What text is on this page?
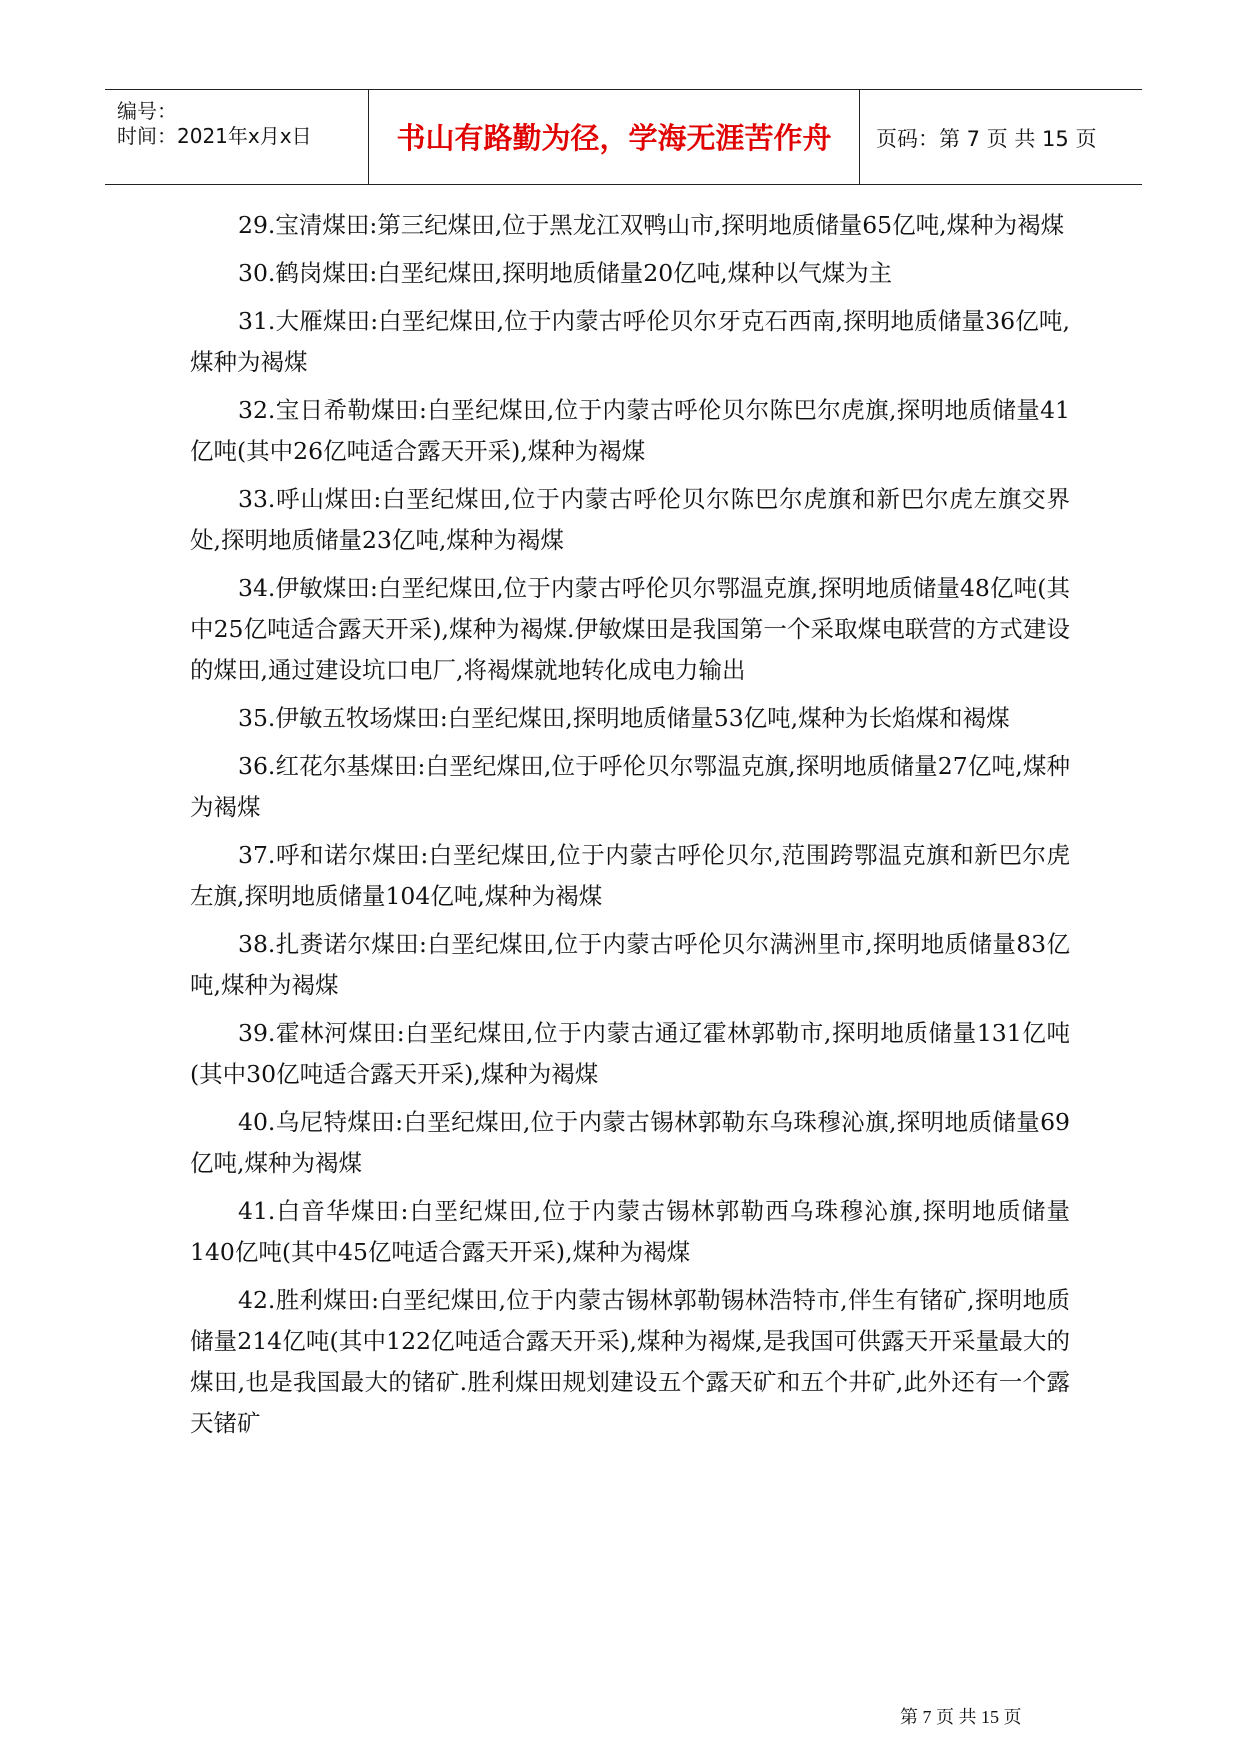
编号：
时间：2021年x月x日	书山有路勤为径，学海无涯苦作舟	页码：第 7 页 共 15 页

29.宝清煤田:第三纪煤田,位于黑龙江双鸭山市,探明地质储量65亿吨,煤种为褐煤

30.鹤岗煤田:白垩纪煤田,探明地质储量20亿吨,煤种以气煤为主

31.大雁煤田:白垩纪煤田,位于内蒙古呼伦贝尔牙克石西南,探明地质储量36亿吨,煤种为褐煤

32.宝日希勒煤田:白垩纪煤田,位于内蒙古呼伦贝尔陈巴尔虎旗,探明地质储量41亿吨(其中26亿吨适合露天开采),煤种为褐煤

33.呼山煤田:白垩纪煤田,位于内蒙古呼伦贝尔陈巴尔虎旗和新巴尔虎左旗交界处,探明地质储量23亿吨,煤种为褐煤

34.伊敏煤田:白垩纪煤田,位于内蒙古呼伦贝尔鄂温克旗,探明地质储量48亿吨(其中25亿吨适合露天开采),煤种为褐煤.伊敏煤田是我国第一个采取煤电联营的方式建设的煤田,通过建设坑口电厂,将褐煤就地转化成电力输出

35.伊敏五牧场煤田:白垩纪煤田,探明地质储量53亿吨,煤种为长焰煤和褐煤

36.红花尔基煤田:白垩纪煤田,位于呼伦贝尔鄂温克旗,探明地质储量27亿吨,煤种为褐煤

37.呼和诺尔煤田:白垩纪煤田,位于内蒙古呼伦贝尔,范围跨鄂温克旗和新巴尔虎左旗,探明地质储量104亿吨,煤种为褐煤

38.扎赉诺尔煤田:白垩纪煤田,位于内蒙古呼伦贝尔满洲里市,探明地质储量83亿吨,煤种为褐煤

39.霍林河煤田:白垩纪煤田,位于内蒙古通辽霍林郭勒市,探明地质储量131亿吨(其中30亿吨适合露天开采),煤种为褐煤

40.乌尼特煤田:白垩纪煤田,位于内蒙古锡林郭勒东乌珠穆沁旗,探明地质储量69亿吨,煤种为褐煤

41.白音华煤田:白垩纪煤田,位于内蒙古锡林郭勒西乌珠穆沁旗,探明地质储量140亿吨(其中45亿吨适合露天开采),煤种为褐煤

42.胜利煤田:白垩纪煤田,位于内蒙古锡林郭勒锡林浩特市,伴生有锗矿,探明地质储量214亿吨(其中122亿吨适合露天开采),煤种为褐煤,是我国可供露天开采量最大的煤田,也是我国最大的锗矿.胜利煤田规划建设五个露天矿和五个井矿,此外还有一个露天锗矿

第 7 页 共 15 页
